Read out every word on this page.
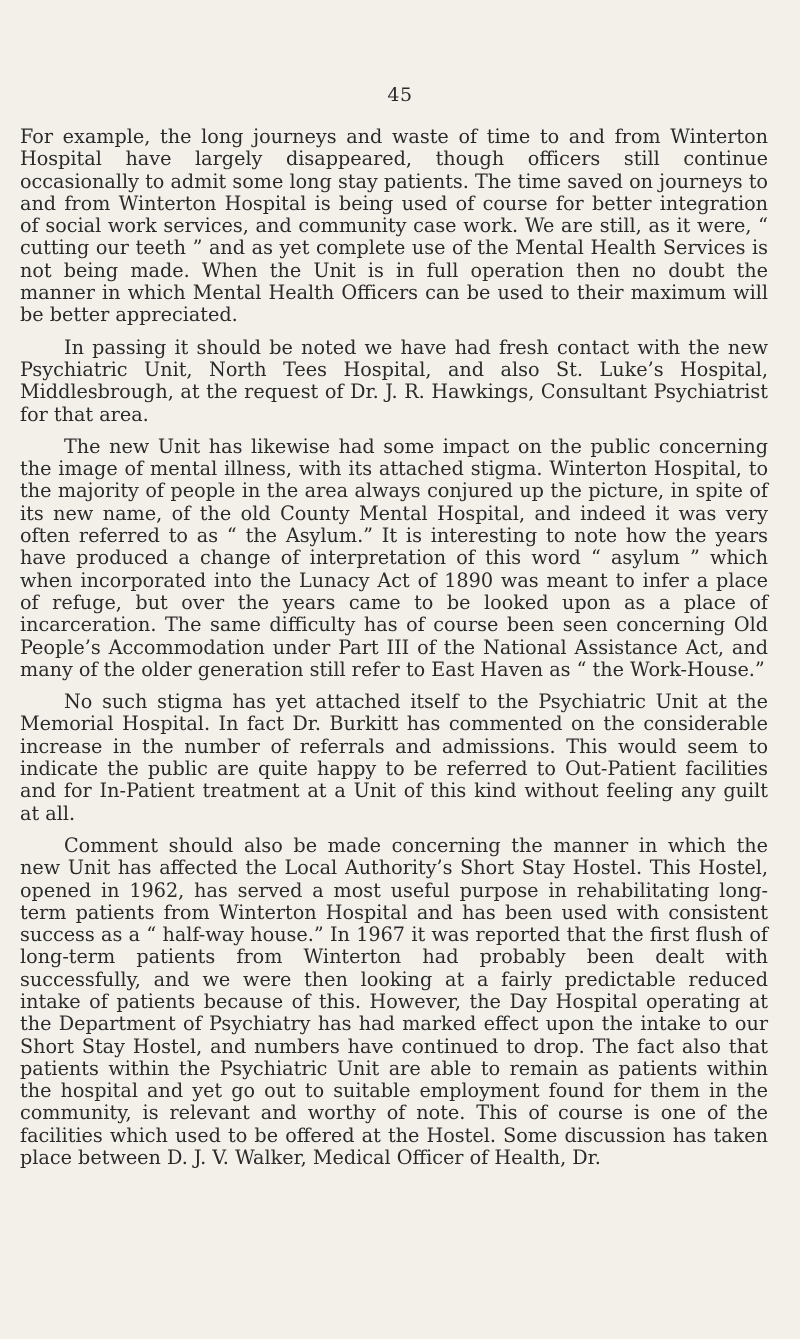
45

For example, the long journeys and waste of time to and from Winterton Hospital have largely disappeared, though officers still continue occasionally to admit some long stay patients. The time saved on journeys to and from Winterton Hospital is being used of course for better integration of social work services, and community case work. We are still, as it were, “ cutting our teeth ” and as yet complete use of the Mental Health Services is not being made. When the Unit is in full operation then no doubt the manner in which Mental Health Officers can be used to their maximum will be better appreciated.

In passing it should be noted we have had fresh contact with the new Psychiatric Unit, North Tees Hospital, and also St. Luke’s Hospital, Middlesbrough, at the request of Dr. J. R. Hawkings, Consultant Psychiatrist for that area.

The new Unit has likewise had some impact on the public concerning the image of mental illness, with its attached stigma. Winterton Hospital, to the majority of people in the area always conjured up the picture, in spite of its new name, of the old County Mental Hospital, and indeed it was very often referred to as “ the Asylum.” It is interesting to note how the years have produced a change of interpretation of this word “ asylum ” which when incorporated into the Lunacy Act of 1890 was meant to infer a place of refuge, but over the years came to be looked upon as a place of incarceration. The same difficulty has of course been seen concerning Old People’s Accommodation under Part III of the National Assistance Act, and many of the older generation still refer to East Haven as “ the Work-House.”

No such stigma has yet attached itself to the Psychiatric Unit at the Memorial Hospital. In fact Dr. Burkitt has commented on the considerable increase in the number of referrals and admissions. This would seem to indicate the public are quite happy to be referred to Out-Patient facilities and for In-Patient treatment at a Unit of this kind without feeling any guilt at all.

Comment should also be made concerning the manner in which the new Unit has affected the Local Authority’s Short Stay Hostel. This Hostel, opened in 1962, has served a most useful purpose in rehabilitating long-term patients from Winterton Hospital and has been used with consistent success as a “ half-way house.” In 1967 it was reported that the first flush of long-term patients from Winterton had probably been dealt with successfully, and we were then looking at a fairly predictable reduced intake of patients because of this. However, the Day Hospital operating at the Department of Psychiatry has had marked effect upon the intake to our Short Stay Hostel, and numbers have continued to drop. The fact also that patients within the Psychiatric Unit are able to remain as patients within the hospital and yet go out to suitable employment found for them in the community, is relevant and worthy of note. This of course is one of the facilities which used to be offered at the Hostel. Some discussion has taken place between D. J. V. Walker, Medical Officer of Health, Dr.
